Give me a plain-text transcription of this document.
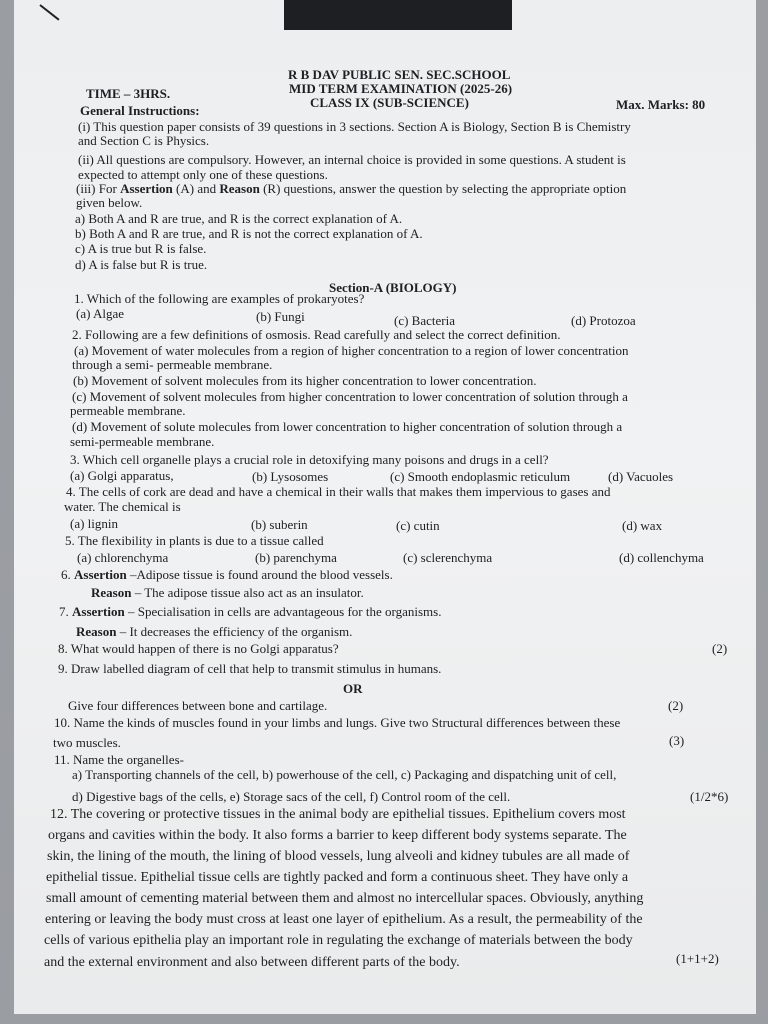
R B DAV PUBLIC SEN. SEC.SCHOOL
MID TERM EXAMINATION (2025-26)
TIME – 3HRS.
CLASS IX (SUB-SCIENCE)	Max. Marks: 80
General Instructions:
(i) This question paper consists of 39 questions in 3 sections. Section A is Biology, Section B is Chemistry
and Section C is Physics.
(ii) All questions are compulsory. However, an internal choice is provided in some questions. A student is
expected to attempt only one of these questions.
(iii) For Assertion (A) and Reason (R) questions, answer the question by selecting the appropriate option
given below.
a) Both A and R are true, and R is the correct explanation of A.
b) Both A and R are true, and R is not the correct explanation of A.
c) A is true but R is false.
d) A is false but R is true.
Section-A (BIOLOGY)
1. Which of the following are examples of prokaryotes?
(a) Algae	(b) Fungi	(c) Bacteria	(d) Protozoa
2. Following are a few definitions of osmosis. Read carefully and select the correct definition.
(a) Movement of water molecules from a region of higher concentration to a region of lower concentration
through a semi- permeable membrane.
(b) Movement of solvent molecules from its higher concentration to lower concentration.
(c) Movement of solvent molecules from higher concentration to lower concentration of solution through a
permeable membrane.
(d) Movement of solute molecules from lower concentration to higher concentration of solution through a
semi-permeable membrane.
3. Which cell organelle plays a crucial role in detoxifying many poisons and drugs in a cell?
(a) Golgi apparatus,	(b) Lysosomes	(c) Smooth endoplasmic reticulum	(d) Vacuoles
4. The cells of cork are dead and have a chemical in their walls that makes them impervious to gases and
water. The chemical is
(a) lignin	(b) suberin	(c) cutin	(d) wax
5. The flexibility in plants is due to a tissue called
(a) chlorenchyma	(b) parenchyma	(c) sclerenchyma	(d) collenchyma
6. Assertion –Adipose tissue is found around the blood vessels.
Reason – The adipose tissue also act as an insulator.
7. Assertion – Specialisation in cells are advantageous for the organisms.
Reason – It decreases the efficiency of the organism.
8. What would happen of there is no Golgi apparatus?	(2)
9. Draw labelled diagram of cell that help to transmit stimulus in humans.
OR
Give four differences between bone and cartilage.	(2)
10. Name the kinds of muscles found in your limbs and lungs. Give two Structural differences between these
two muscles.	(3)
11. Name the organelles-
a) Transporting channels of the cell, b) powerhouse of the cell, c) Packaging and dispatching unit of cell,
d) Digestive bags of the cells, e) Storage sacs of the cell, f) Control room of the cell.	(1/2*6)
12. The covering or protective tissues in the animal body are epithelial tissues. Epithelium covers most
organs and cavities within the body. It also forms a barrier to keep different body systems separate. The
skin, the lining of the mouth, the lining of blood vessels, lung alveoli and kidney tubules are all made of
epithelial tissue. Epithelial tissue cells are tightly packed and form a continuous sheet. They have only a
small amount of cementing material between them and almost no intercellular spaces. Obviously, anything
entering or leaving the body must cross at least one layer of epithelium. As a result, the permeability of the
cells of various epithelia play an important role in regulating the exchange of materials between the body
and the external environment and also between different parts of the body.	(1+1+2)
